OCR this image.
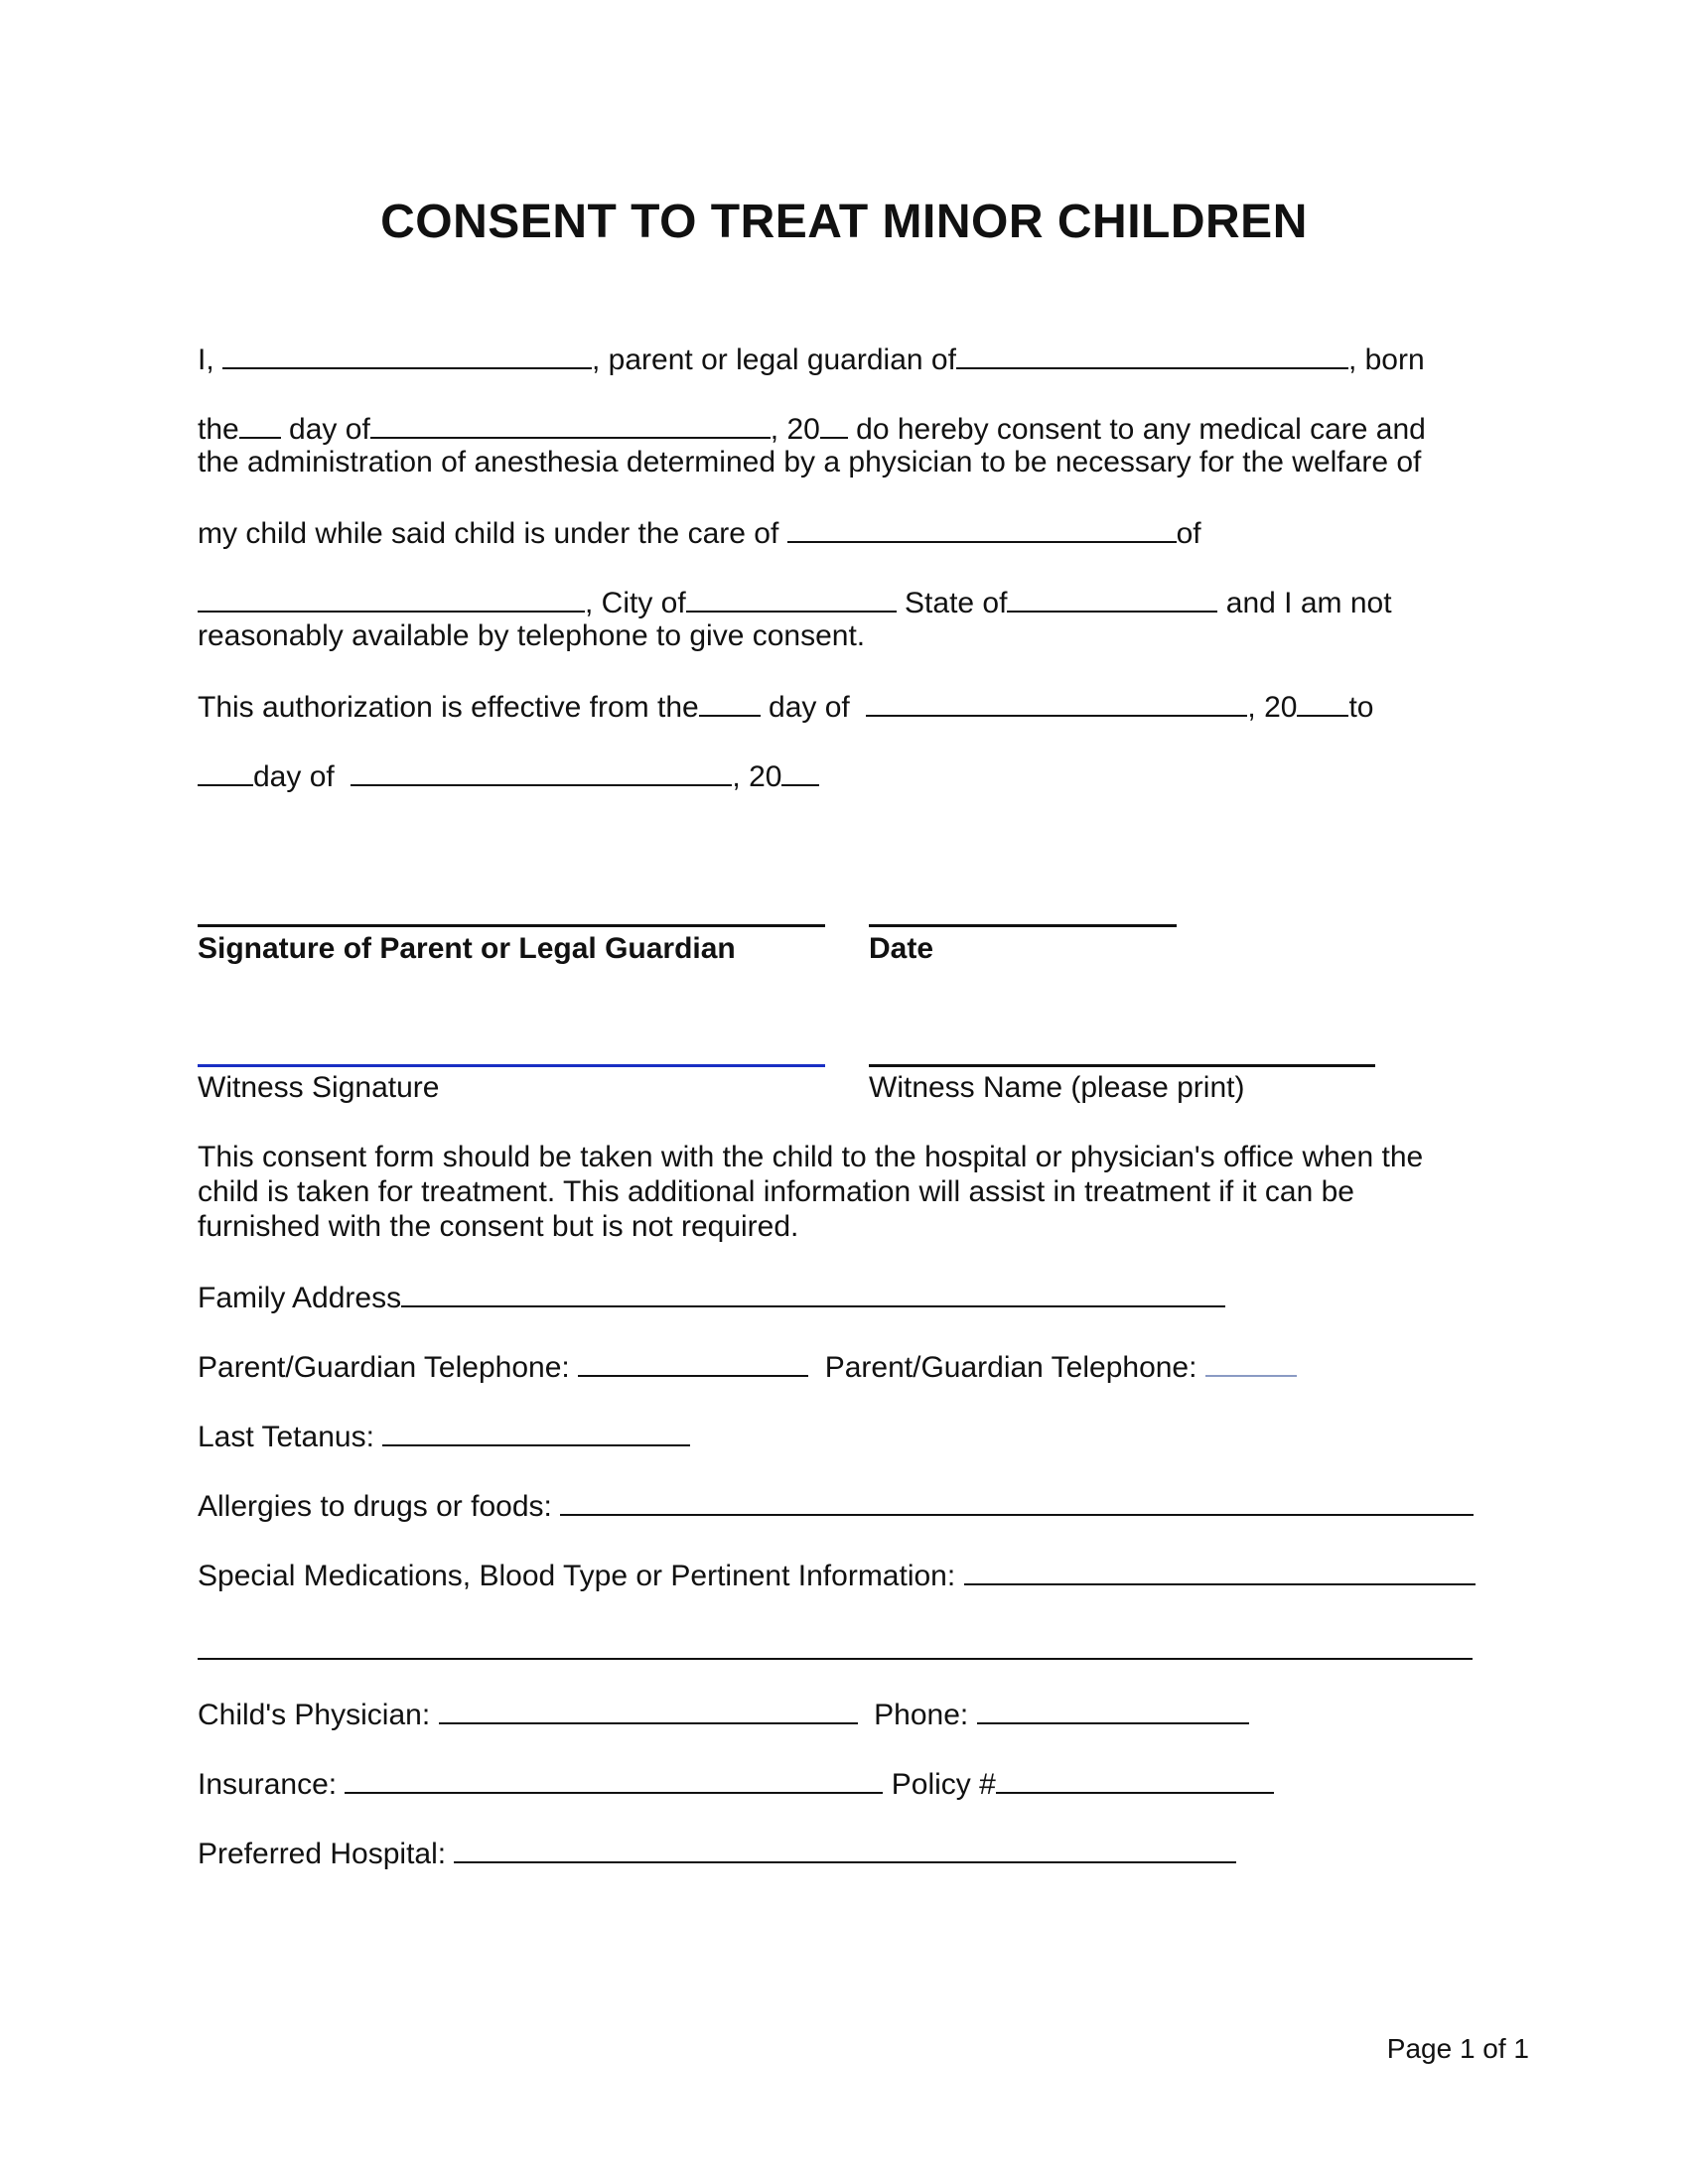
CONSENT TO TREAT MINOR CHILDREN
I,	, parent or legal guardian of	, born
the day of	, 20 do hereby consent to any medical care and
the administration of anesthesia determined by a physician to be necessary for the welfare of
my child while said child is under the care of	of
, City of	State of	and I am not
reasonably available by telephone to give consent.
This authorization is effective from the day of	, 20 to
day of	, 20
Signature of Parent or Legal Guardian	Date
Witness Signature	Witness Name (please print)
This consent form should be taken with the child to the hospital or physician's office when the
child is taken for treatment. This additional information will assist in treatment if it can be
furnished with the consent but is not required.
Family Address
Parent/Guardian Telephone:	Parent/Guardian Telephone:
Last Tetanus:
Allergies to drugs or foods:
Special Medications, Blood Type or Pertinent Information:
Child's Physician:	Phone:
Insurance:	Policy #
Preferred Hospital:
Page 1 of 1
